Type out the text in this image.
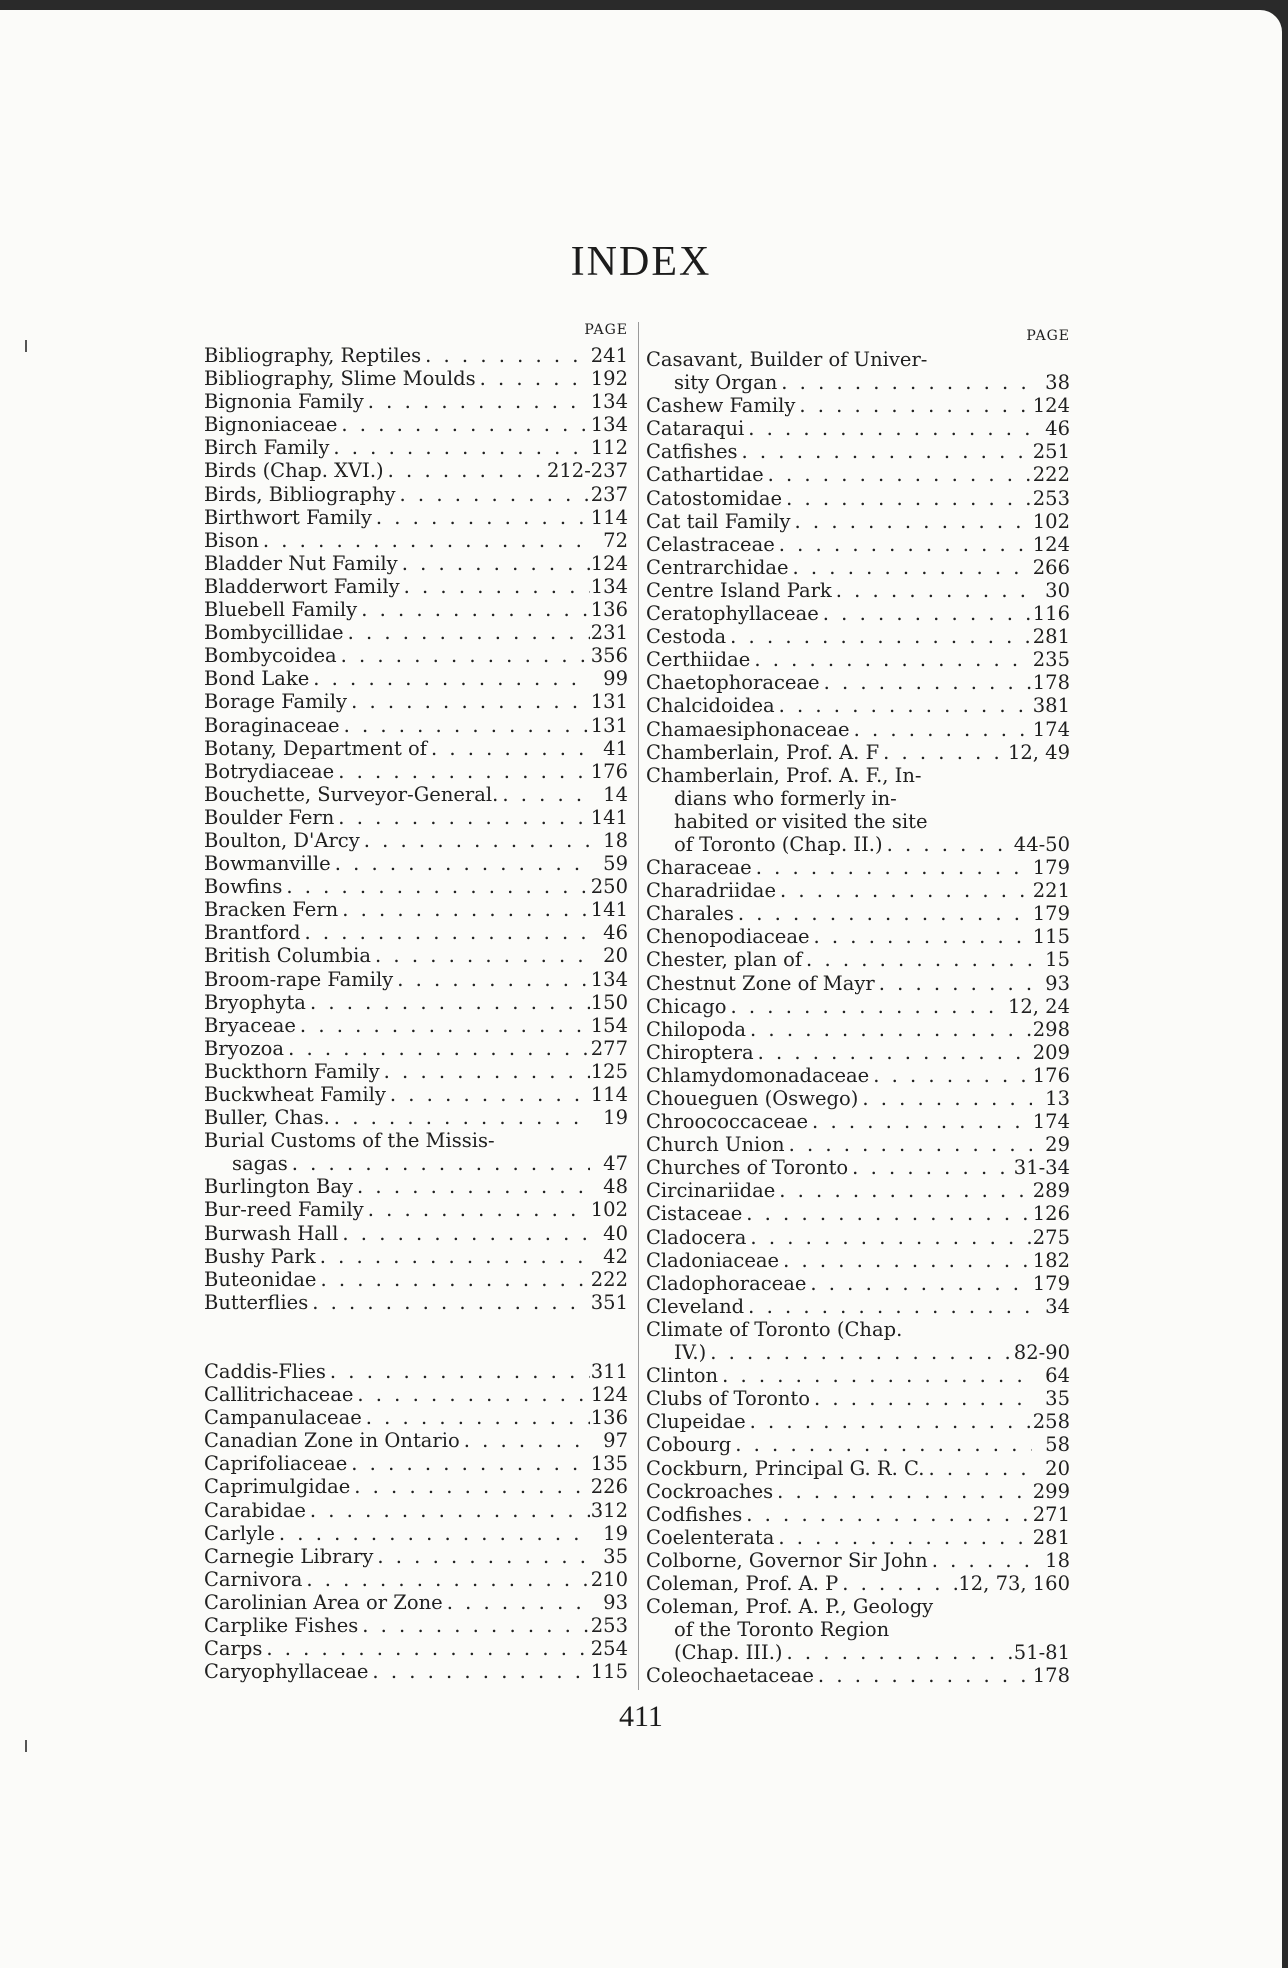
INDEX
PAGE
Bibliography, Reptiles . . .	241
Bibliography, Slime Moulds . . .	192
Bignonia Family . . .	134
Bignoniaceae . . .	134
Birch Family . . .	112
Birds (Chap. XVI.) . . .	212-237
Birds, Bibliography . . .	237
Birthwort Family . . .	114
Bison . . .	72
Bladder Nut Family . . .	124
Bladderwort Family . . .	134
Bluebell Family . . .	136
Bombycillidae . . .	231
Bombycoidea . . .	356
Bond Lake . . .	99
Borage Family . . .	131
Boraginaceae . . .	131
Botany, Department of . . .	41
Botrydiaceae . . .	176
Bouchette, Surveyor-General. . . .	14
Boulder Fern . . .	141
Boulton, D'Arcy . . .	18
Bowmanville . . .	59
Bowfins . . .	250
Bracken Fern . . .	141
Brantford . . .	46
British Columbia . . .	20
Broom-rape Family . . .	134
Bryophyta . . .	150
Bryaceae . . .	154
Bryozoa . . .	277
Buckthorn Family . . .	125
Buckwheat Family . . .	114
Buller, Chas. . . .	19
Burial Customs of the Missis-
sagas . . .	47
Burlington Bay . . .	48
Bur-reed Family . . .	102
Burwash Hall . . .	40
Bushy Park . . .	42
Buteonidae . . .	222
Butterflies . . .	351
Caddis-Flies . . .	311
Callitrichaceae . . .	124
Campanulaceae . . .	136
Canadian Zone in Ontario . . .	97
Caprifoliaceae . . .	135
Caprimulgidae . . .	226
Carabidae . . .	312
Carlyle . . .	19
Carnegie Library . . .	35
Carnivora . . .	210
Carolinian Area or Zone . . .	93
Carplike Fishes . . .	253
Carps . . .	254
Caryophyllaceae . . .	115
PAGE
Casavant, Builder of Univer-
sity Organ . . .	38
Cashew Family . . .	124
Cataraqui . . .	46
Catfishes . . .	251
Cathartidae . . .	222
Catostomidae . . .	253
Cat tail Family . . .	102
Celastraceae . . .	124
Centrarchidae . . .	266
Centre Island Park . . .	30
Ceratophyllaceae . . .	116
Cestoda . . .	281
Certhiidae . . .	235
Chaetophoraceae . . .	178
Chalcidoidea . . .	381
Chamaesiphonaceae . . .	174
Chamberlain, Prof. A. F . . .	12, 49
Chamberlain, Prof. A. F., In-
dians who formerly in-
habited or visited the site
of Toronto (Chap. II.) . . .	44-50
Characeae . . .	179
Charadriidae . . .	221
Charales . . .	179
Chenopodiaceae . . .	115
Chester, plan of . . .	15
Chestnut Zone of Mayr . . .	93
Chicago . . .	12, 24
Chilopoda . . .	298
Chiroptera . . .	209
Chlamydomonadaceae . . .	176
Choueguen (Oswego) . . .	13
Chroococcaceae . . .	174
Church Union . . .	29
Churches of Toronto . . .	31-34
Circinariidae . . .	289
Cistaceae . . .	126
Cladocera . . .	275
Cladoniaceae . . .	182
Cladophoraceae . . .	179
Cleveland . . .	34
Climate of Toronto (Chap.
IV.) . . .	82-90
Clinton . . .	64
Clubs of Toronto . . .	35
Clupeidae . . .	258
Cobourg . . .	58
Cockburn, Principal G. R. C. . . .	20
Cockroaches . . .	299
Codfishes . . .	271
Coelenterata . . .	281
Colborne, Governor Sir John . . .	18
Coleman, Prof. A. P . . .	12, 73, 160
Coleman, Prof. A. P., Geology
of the Toronto Region
(Chap. III.) . . .	51-81
Coleochaetaceae . . .	178
411
